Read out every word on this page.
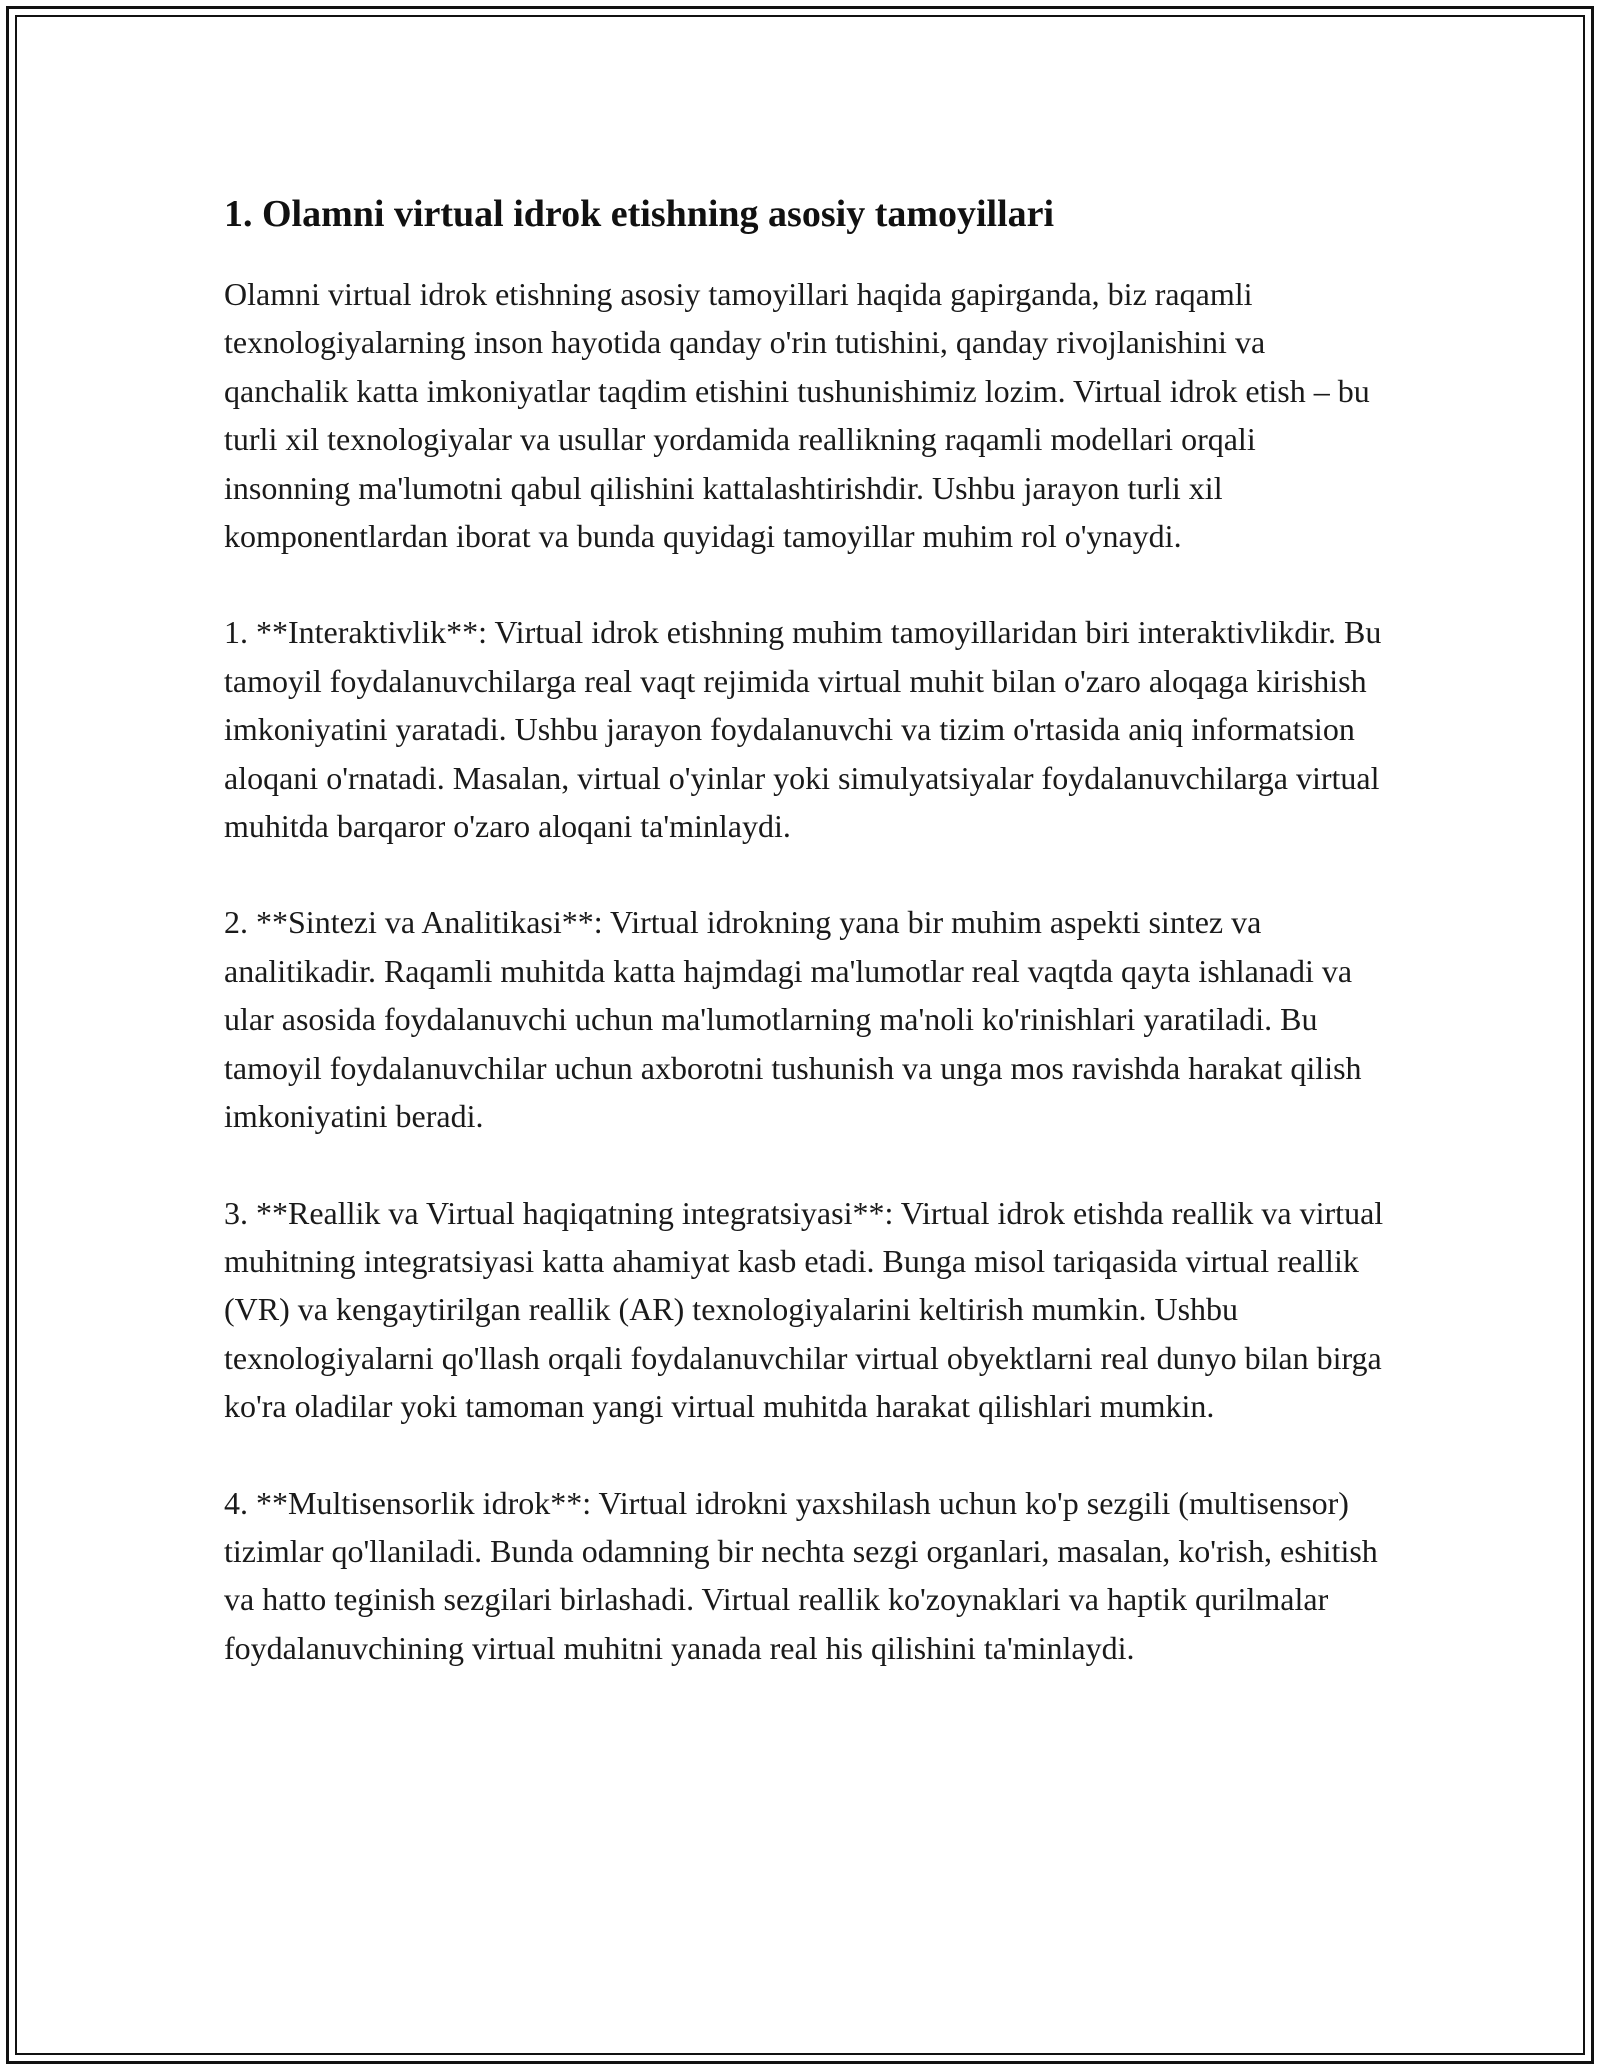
1. Olamni virtual idrok etishning asosiy tamoyillari

Olamni virtual idrok etishning asosiy tamoyillari haqida gapirganda, biz raqamli texnologiyalarning inson hayotida qanday o'rin tutishini, qanday rivojlanishini va qanchalik katta imkoniyatlar taqdim etishini tushunishimiz lozim. Virtual idrok etish – bu turli xil texnologiyalar va usullar yordamida reallikning raqamli modellari orqali insonning ma'lumotni qabul qilishini kattalashtirishdir. Ushbu jarayon turli xil komponentlardan iborat va bunda quyidagi tamoyillar muhim rol o'ynaydi.

1. **Interaktivlik**: Virtual idrok etishning muhim tamoyillaridan biri interaktivlikdir. Bu tamoyil foydalanuvchilarga real vaqt rejimida virtual muhit bilan o'zaro aloqaga kirishish imkoniyatini yaratadi. Ushbu jarayon foydalanuvchi va tizim o'rtasida aniq informatsion aloqani o'rnatadi. Masalan, virtual o'yinlar yoki simulyatsiyalar foydalanuvchilarga virtual muhitda barqaror o'zaro aloqani ta'minlaydi.

2. **Sintezi va Analitikasi**: Virtual idrokning yana bir muhim aspekti sintez va analitikadir. Raqamli muhitda katta hajmdagi ma'lumotlar real vaqtda qayta ishlanadi va ular asosida foydalanuvchi uchun ma'lumotlarning ma'noli ko'rinishlari yaratiladi. Bu tamoyil foydalanuvchilar uchun axborotni tushunish va unga mos ravishda harakat qilish imkoniyatini beradi.

3. **Reallik va Virtual haqiqatning integratsiyasi**: Virtual idrok etishda reallik va virtual muhitning integratsiyasi katta ahamiyat kasb etadi. Bunga misol tariqasida virtual reallik (VR) va kengaytirilgan reallik (AR) texnologiyalarini keltirish mumkin. Ushbu texnologiyalarni qo'llash orqali foydalanuvchilar virtual obyektlarni real dunyo bilan birga ko'ra oladilar yoki tamoman yangi virtual muhitda harakat qilishlari mumkin.

4. **Multisensorlik idrok**: Virtual idrokni yaxshilash uchun ko'p sezgili (multisensor) tizimlar qo'llaniladi. Bunda odamning bir nechta sezgi organlari, masalan, ko'rish, eshitish va hatto teginish sezgilari birlashadi. Virtual reallik ko'zoynaklari va haptik qurilmalar foydalanuvchining virtual muhitni yanada real his qilishini ta'minlaydi.
